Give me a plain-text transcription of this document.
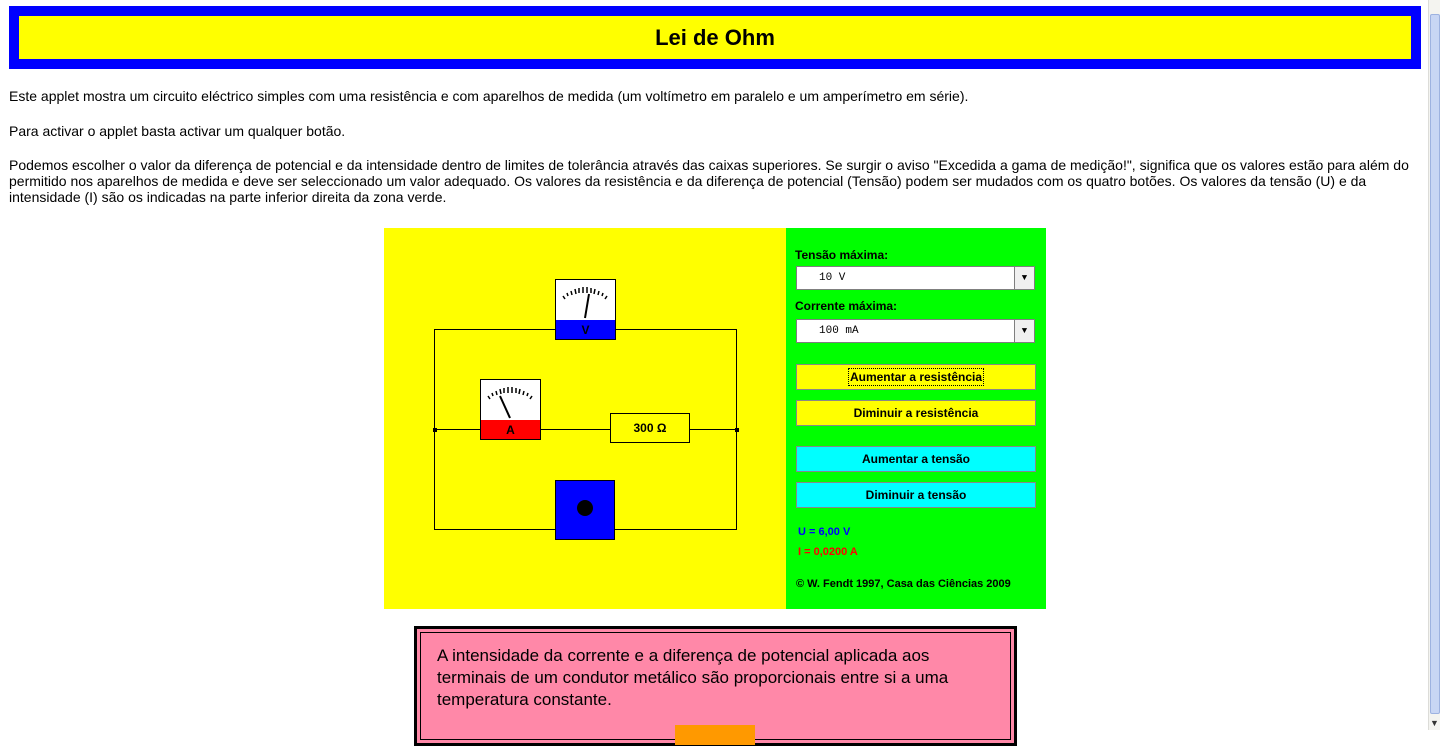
Lei de Ohm

Este applet mostra um circuito eléctrico simples com uma resistência e com aparelhos de medida (um voltímetro em paralelo e um amperímetro em série).

Para activar o applet basta activar um qualquer botão.

Podemos escolher o valor da diferença de potencial e da intensidade dentro de limites de tolerância através das caixas superiores. Se surgir o aviso "Excedida a gama de medição!", significa que os valores estão para além do permitido nos aparelhos de medida e deve ser seleccionado um valor adequado. Os valores da resistência e da diferença de potencial (Tensão) podem ser mudados com os quatro botões. Os valores da tensão (U) e da intensidade (I) são os indicadas na parte inferior direita da zona verde.

V
A	300 Ω
Tensão máxima:
10 V	▼
Corrente máxima:
100 mA	▼
Aumentar a resistência
Diminuir a resistência
Aumentar a tensão
Diminuir a tensão
U = 6,00 V
I = 0,0200 A
© W. Fendt 1997, Casa das Ciências 2009

A intensidade da corrente e a diferença de potencial aplicada aos terminais de um condutor metálico são proporcionais entre si a uma temperatura constante.

▼
